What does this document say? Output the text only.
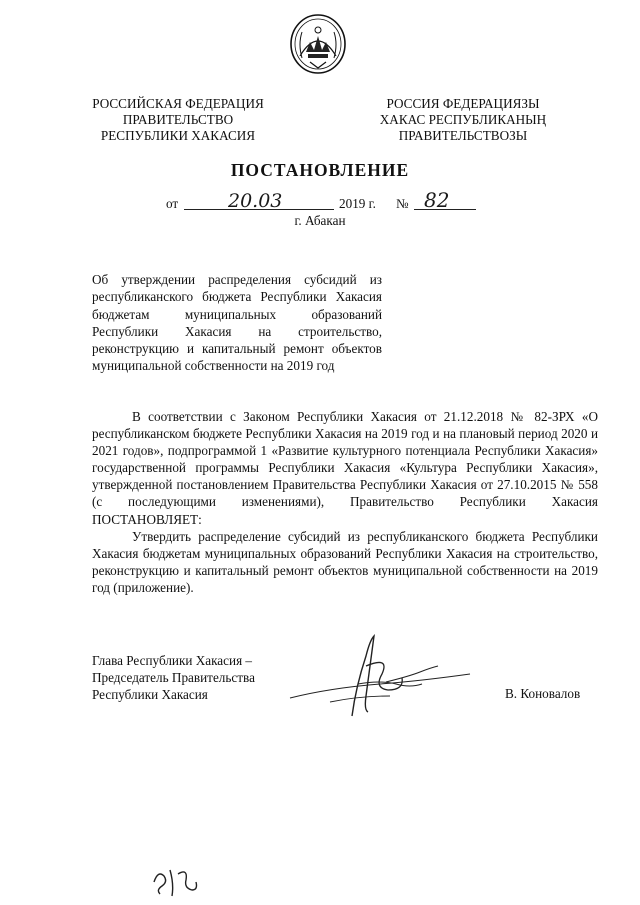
РОССИЙСКАЯ ФЕДЕРАЦИЯ
ПРАВИТЕЛЬСТВО
РЕСПУБЛИКИ ХАКАСИЯ
РОССИЯ ФЕДЕРАЦИЯЗЫ
ХАКАС РЕСПУБЛИКАНЫҢ
ПРАВИТЕЛЬСТВОЗЫ
ПОСТАНОВЛЕНИЕ
от	20.03	2019 г. № 82
г. Абакан
Об утверждении распределения субсидий из республиканского бюджета Республики Хакасия бюджетам муниципальных образований Республики Хакасия на строительство, реконструкцию и капитальный ремонт объектов муниципальной собственности на 2019 год

В соответствии с Законом Республики Хакасия от 21.12.2018 № 82-ЗРХ «О республиканском бюджете Республики Хакасия на 2019 год и на плановый период 2020 и 2021 годов», подпрограммой 1 «Развитие культурного потенциала Республики Хакасия» государственной программы Республики Хакасия «Культура Республики Хакасия», утвержденной постановлением Правительства Республики Хакасия от 27.10.2015 № 558 (с последующими изменениями), Правительство Республики Хакасия ПОСТАНОВЛЯЕТ:

Утвердить распределение субсидий из республиканского бюджета Республики Хакасия бюджетам муниципальных образований Республики Хакасия на строительство, реконструкцию и капитальный ремонт объектов муниципальной собственности на 2019 год (приложение).

Глава Республики Хакасия –
Председатель Правительства
Республики Хакасия	В. Коновалов
